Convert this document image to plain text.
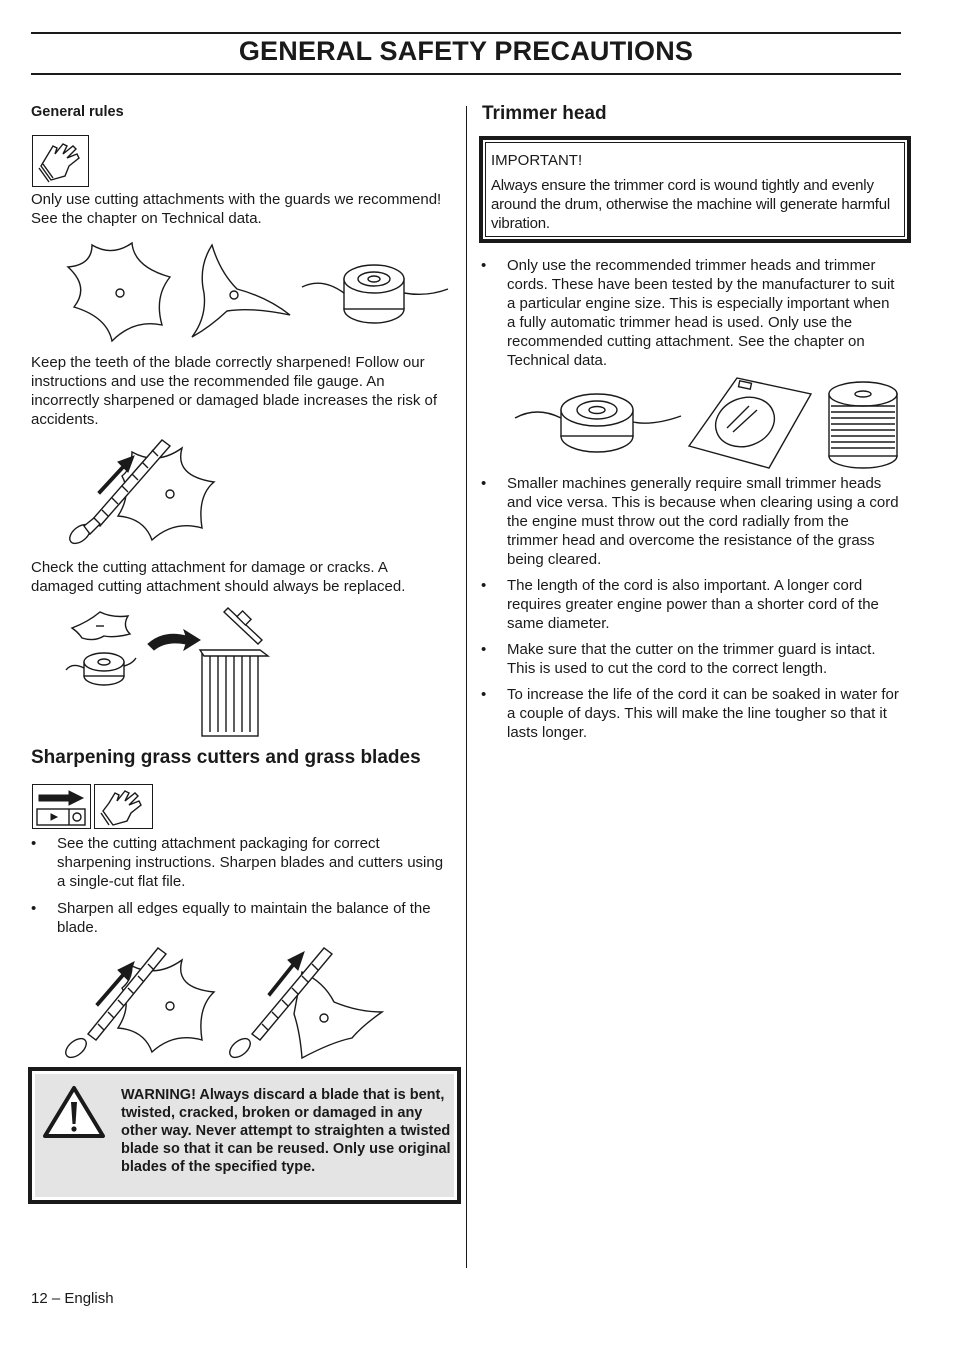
GENERAL SAFETY PRECAUTIONS
General rules
Only use cutting attachments with the guards we recommend! See the chapter on Technical data.
Keep the teeth of the blade correctly sharpened! Follow our instructions and use the recommended file gauge. An incorrectly sharpened or damaged blade increases the risk of accidents.
Check the cutting attachment for damage or cracks. A damaged cutting attachment should always be replaced.
Sharpening grass cutters and grass blades
• See the cutting attachment packaging for correct sharpening instructions. Sharpen blades and cutters using a single-cut flat file.
• Sharpen all edges equally to maintain the balance of the blade.
WARNING! Always discard a blade that is bent, twisted, cracked, broken or damaged in any other way. Never attempt to straighten a twisted blade so that it can be reused. Only use original blades of the specified type.
Trimmer head
IMPORTANT!
Always ensure the trimmer cord is wound tightly and evenly around the drum, otherwise the machine will generate harmful vibration.
• Only use the recommended trimmer heads and trimmer cords. These have been tested by the manufacturer to suit a particular engine size. This is especially important when a fully automatic trimmer head is used. Only use the recommended cutting attachment. See the chapter on Technical data.
• Smaller machines generally require small trimmer heads and vice versa. This is because when clearing using a cord the engine must throw out the cord radially from the trimmer head and overcome the resistance of the grass being cleared.
• The length of the cord is also important. A longer cord requires greater engine power than a shorter cord of the same diameter.
• Make sure that the cutter on the trimmer guard is intact. This is used to cut the cord to the correct length.
• To increase the life of the cord it can be soaked in water for a couple of days. This will make the line tougher so that it lasts longer.
12 – English
